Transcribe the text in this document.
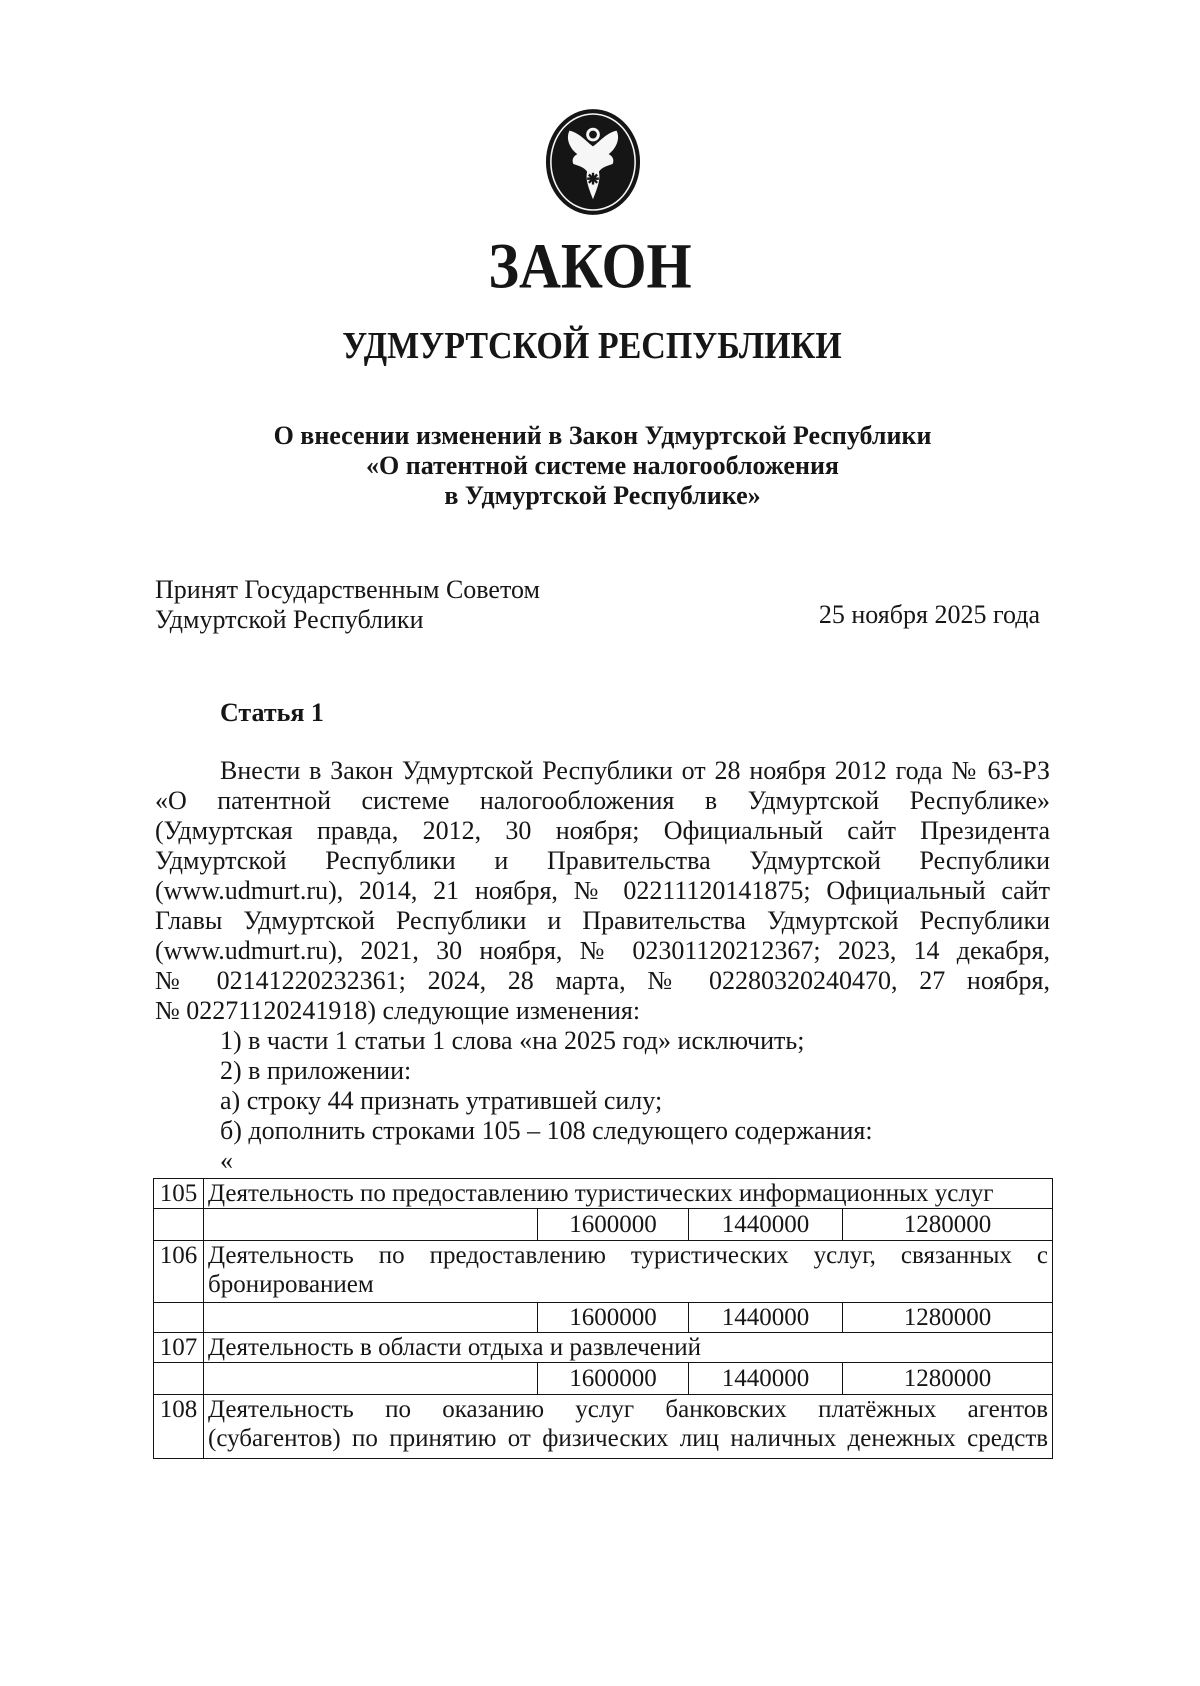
ЗАКОН
УДМУРТСКОЙ РЕСПУБЛИКИ
О внесении изменений в Закон Удмуртской Республики
«О патентной системе налогообложения
в Удмуртской Республике»
Принят Государственным Советом
Удмуртской Республики	25 ноября 2025 года
Статья 1
Внести в Закон Удмуртской Республики от 28 ноября 2012 года № 63-РЗ
«О патентной системе налогообложения в Удмуртской Республике»
(Удмуртская правда, 2012, 30 ноября; Официальный сайт Президента
Удмуртской Республики и Правительства Удмуртской Республики
(www.udmurt.ru), 2014, 21 ноября, № 02211120141875; Официальный сайт
Главы Удмуртской Республики и Правительства Удмуртской Республики
(www.udmurt.ru), 2021, 30 ноября, № 02301120212367; 2023, 14 декабря,
№ 02141220232361; 2024, 28 марта, № 02280320240470, 27 ноября,
№ 02271120241918) следующие изменения:
1) в части 1 статьи 1 слова «на 2025 год» исключить;
2) в приложении:
а) строку 44 признать утратившей силу;
б) дополнить строками 105 – 108 следующего содержания:
«
105	Деятельность по предоставлению туристических информационных услуг			

		1600000	1440000	1280000
106	Деятельность по предоставлению туристических услуг, связанных с
бронированием			

		1600000	1440000	1280000
107	Деятельность в области отдыха и развлечений			

		1600000	1440000	1280000
108	Деятельность по оказанию услуг банковских платёжных агентов
(субагентов) по принятию от физических лиц наличных денежных средств			
